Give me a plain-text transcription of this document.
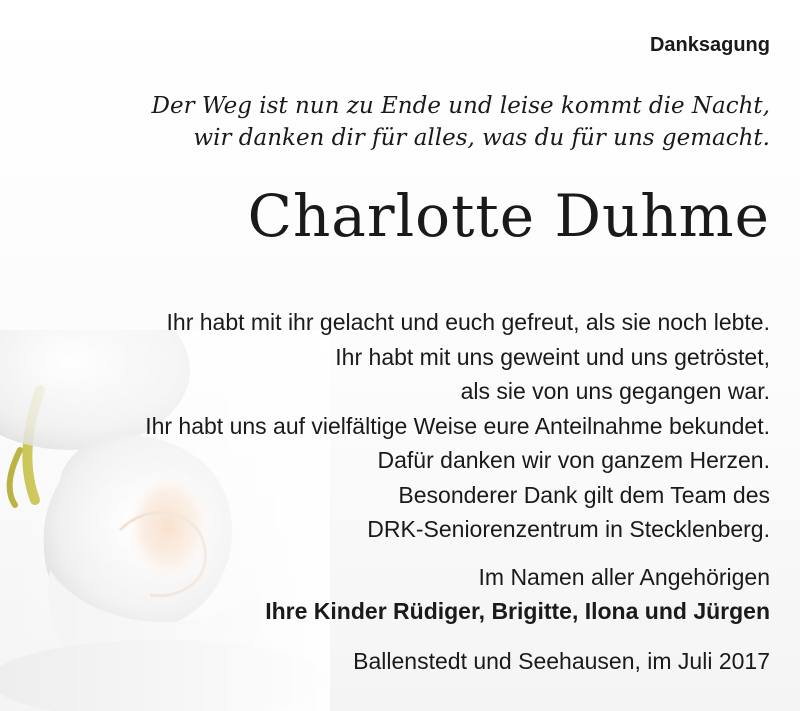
Danksagung
Der Weg ist nun zu Ende und leise kommt die Nacht,
wir danken dir für alles, was du für uns gemacht.
Charlotte Duhme
Ihr habt mit ihr gelacht und euch gefreut, als sie noch lebte.
Ihr habt mit uns geweint und uns getröstet,
als sie von uns gegangen war.
Ihr habt uns auf vielfältige Weise eure Anteilnahme bekundet.
Dafür danken wir von ganzem Herzen.
Besonderer Dank gilt dem Team des
DRK-Seniorenzentrum in Stecklenberg.
Im Namen aller Angehörigen
Ihre Kinder Rüdiger, Brigitte, Ilona und Jürgen
Ballenstedt und Seehausen, im Juli 2017
